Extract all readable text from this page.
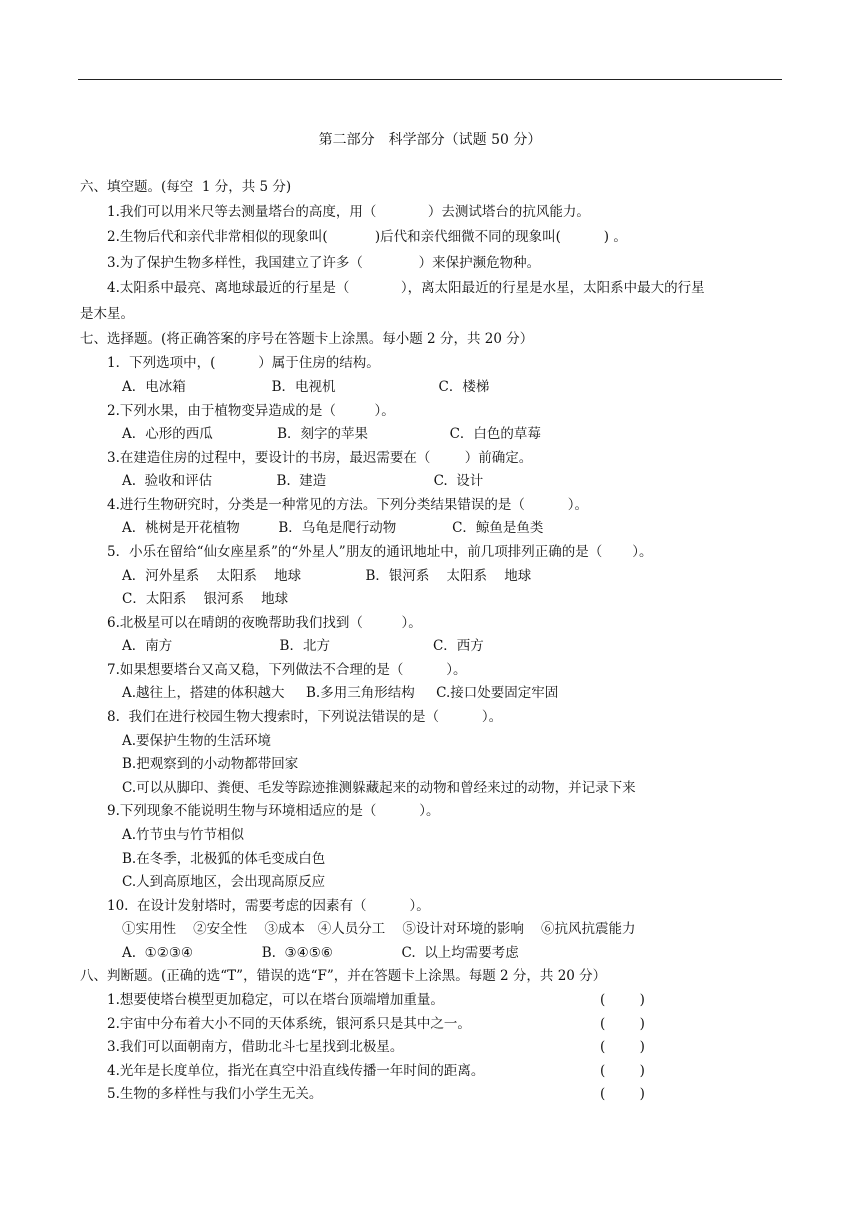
第二部分　科学部分（试题 50 分）
六、填空题。(每空  1 分，共 5 分)
1.我们可以用米尺等去测量塔台的高度，用（            ）去测试塔台的抗风能力。
2.生物后代和亲代非常相似的现象叫(           )后代和亲代细微不同的现象叫(          ) 。
3.为了保护生物多样性，我国建立了许多（             ）来保护濒危物种。
4.太阳系中最亮、离地球最近的行星是（            ），离太阳最近的行星是水星，太阳系中最大的行星
是木星。
七、选择题。(将正确答案的序号在答题卡上涂黑。每小题 2 分，共 20 分）
1．下列选项中，(          ）属于住房的结构。
A．电冰箱                    B．电视机                        C．楼梯
2.下列水果，由于植物变异造成的是（         ）。
A．心形的西瓜               B．刻字的苹果                   C．白色的草莓
3.在建造住房的过程中，要设计的书房，最迟需要在（        ）前确定。
A.  验收和评估               B.  建造                         C.  设计
4.进行生物研究时，分类是一种常见的方法。下列分类结果错误的是（          ）。
A．桃树是开花植物         B．乌龟是爬行动物             C．鲸鱼是鱼类
5．小乐在留给“仙女座星系”的“外星人”朋友的通讯地址中，前几项排列正确的是（       ）。
A．河外星系    太阳系    地球               B．银河系    太阳系    地球
C．太阳系    银河系    地球
6.北极星可以在晴朗的夜晚帮助我们找到（         ）。
A．南方                         B．北方                        C．西方
7.如果想要塔台又高又稳，下列做法不合理的是（          ）。
A.越往上，搭建的体积越大     B.多用三角形结构     C.接口处要固定牢固
8.  我们在进行校园生物大搜索时，下列说法错误的是（          ）。
A.要保护生物的生活环境
B.把观察到的小动物都带回家
C.可以从脚印、粪便、毛发等踪迹推测躲藏起来的动物和曾经来过的动物，并记录下来
9.下列现象不能说明生物与环境相适应的是（          ）。
A.竹节虫与竹节相似
B.在冬季，北极狐的体毛变成白色
C.人到高原地区，会出现高原反应
10.  在设计发射塔时，需要考虑的因素有（          ）。
①实用性    ②安全性    ③成本   ④人员分工    ⑤设计对环境的影响    ⑥抗风抗震能力
A.  ①②③④                B.  ③④⑤⑥                C.  以上均需要考虑
八、判断题。(正确的选“T”，错误的选“F”，并在答题卡上涂黑。每题 2 分，共 20 分）
1.想要使塔台模型更加稳定，可以在塔台顶端增加重量。	(        )
2.宇宙中分布着大小不同的天体系统，银河系只是其中之一。	(        )
3.我们可以面朝南方，借助北斗七星找到北极星。	(        )
4.光年是长度单位，指光在真空中沿直线传播一年时间的距离。	(        )
5.生物的多样性与我们小学生无关。	(        )
